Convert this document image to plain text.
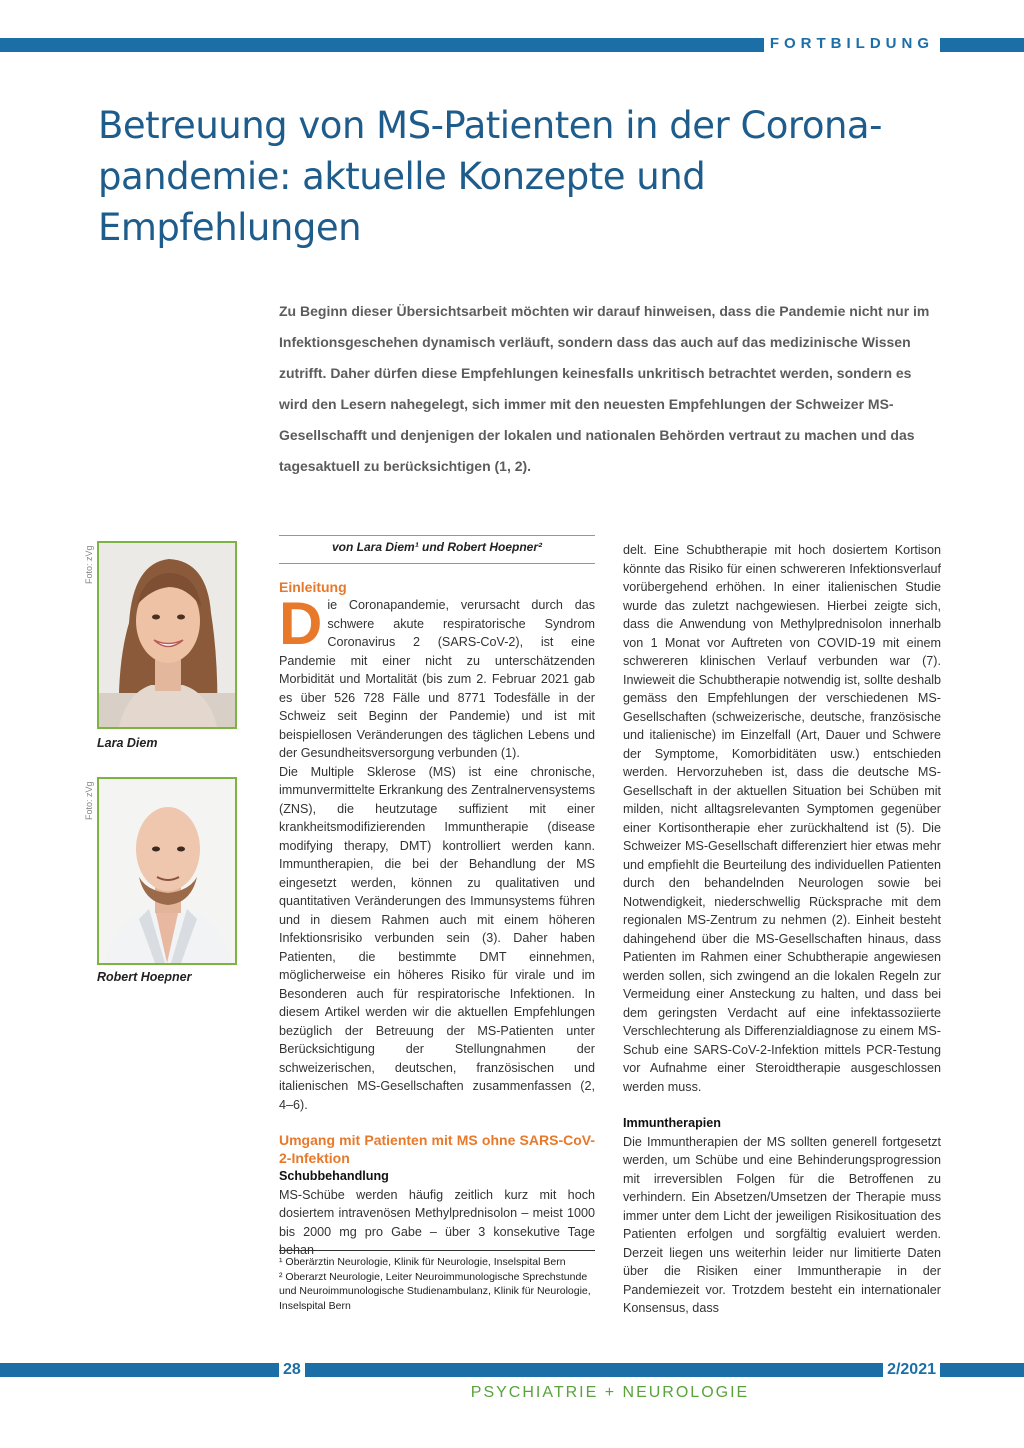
FORTBILDUNG
Betreuung von MS-Patienten in der Corona-pandemie: aktuelle Konzepte und Empfehlungen

Zu Beginn dieser Übersichtsarbeit möchten wir darauf hinweisen, dass die Pandemie nicht nur im Infektionsgeschehen dynamisch verläuft, sondern dass das auch auf das medizinische Wissen zutrifft. Daher dürfen diese Empfehlungen keinesfalls unkritisch betrachtet werden, sondern es wird den Lesern nahegelegt, sich immer mit den neuesten Empfehlungen der Schweizer MS-Gesellschafft und denjenigen der lokalen und nationalen Behörden vertraut zu machen und das tagesaktuell zu berücksichtigen (1, 2).

Foto: zVg
Lara Diem
Foto: zVg
Robert Hoepner
von Lara Diem¹ und Robert Hoepner²
Einleitung

Die Coronapandemie, verursacht durch das schwere akute respiratorische Syndrom Coronavirus 2 (SARS-CoV-2), ist eine Pandemie mit einer nicht zu unterschätzenden Morbidität und Mortalität (bis zum 2. Februar 2021 gab es über 526 728 Fälle und 8771 Todesfälle in der Schweiz seit Beginn der Pandemie) und ist mit beispiellosen Veränderungen des täglichen Lebens und der Gesundheitsversorgung verbunden (1).

Die Multiple Sklerose (MS) ist eine chronische, immunvermittelte Erkrankung des Zentralnervensystems (ZNS), die heutzutage suffizient mit einer krankheitsmodifizierenden Immuntherapie (disease modifying therapy, DMT) kontrolliert werden kann. Immuntherapien, die bei der Behandlung der MS eingesetzt werden, können zu qualitativen und quantitativen Veränderungen des Immunsystems führen und in diesem Rahmen auch mit einem höheren Infektionsrisiko verbunden sein (3). Daher haben Patienten, die bestimmte DMT einnehmen, möglicherweise ein höheres Risiko für virale und im Besonderen auch für respiratorische Infektionen. In diesem Artikel werden wir die aktuellen Empfehlungen bezüglich der Betreuung der MS-Patienten unter Berücksichtigung der Stellungnahmen der schweizerischen, deutschen, französischen und italienischen MS-Gesellschaften zusammenfassen (2, 4–6).

Umgang mit Patienten mit MS ohne SARS-CoV-2-Infektion
Schubbehandlung

MS-Schübe werden häufig zeitlich kurz mit hoch dosiertem intravenösen Methylprednisolon – meist 1000 bis 2000 mg pro Gabe – über 3 konsekutive Tage behan-

¹ Oberärztin Neurologie, Klinik für Neurologie, Inselspital Bern

² Oberarzt Neurologie, Leiter Neuroimmunologische Sprechstunde und Neuroimmunologische Studienambulanz, Klinik für Neurologie, Inselspital Bern

delt. Eine Schubtherapie mit hoch dosiertem Kortison könnte das Risiko für einen schwereren Infektionsverlauf vorübergehend erhöhen. In einer italienischen Studie wurde das zuletzt nachgewiesen. Hierbei zeigte sich, dass die Anwendung von Methylprednisolon innerhalb von 1 Monat vor Auftreten von COVID-19 mit einem schwereren klinischen Verlauf verbunden war (7). Inwieweit die Schubtherapie notwendig ist, sollte deshalb gemäss den Empfehlungen der verschiedenen MS-Gesellschaften (schweizerische, deutsche, französische und italienische) im Einzelfall (Art, Dauer und Schwere der Symptome, Komorbiditäten usw.) entschieden werden. Hervorzuheben ist, dass die deutsche MS-Gesellschaft in der aktuellen Situation bei Schüben mit milden, nicht alltagsrelevanten Symptomen gegenüber einer Kortisontherapie eher zurückhaltend ist (5). Die Schweizer MS-Gesellschaft differenziert hier etwas mehr und empfiehlt die Beurteilung des individuellen Patienten durch den behandelnden Neurologen sowie bei Notwendigkeit, niederschwellig Rücksprache mit dem regionalen MS-Zentrum zu nehmen (2). Einheit besteht dahingehend über die MS-Gesellschaften hinaus, dass Patienten im Rahmen einer Schubtherapie angewiesen werden sollen, sich zwingend an die lokalen Regeln zur Vermeidung einer Ansteckung zu halten, und dass bei dem geringsten Verdacht auf eine infektassoziierte Verschlechterung als Differenzialdiagnose zu einem MS-Schub eine SARS-CoV-2-Infektion mittels PCR-Testung vor Aufnahme einer Steroidtherapie ausgeschlossen werden muss.

Immuntherapien

Die Immuntherapien der MS sollten generell fortgesetzt werden, um Schübe und eine Behinderungsprogression mit irreversiblen Folgen für die Betroffenen zu verhindern. Ein Absetzen/Umsetzen der Therapie muss immer unter dem Licht der jeweiligen Risikosituation des Patienten erfolgen und sorgfältig evaluiert werden. Derzeit liegen uns weiterhin leider nur limitierte Daten über die Risiken einer Immuntherapie in der Pandemiezeit vor. Trotzdem besteht ein internationaler Konsensus, dass

28	2/2021
PSYCHIATRIE + NEUROLOGIE
